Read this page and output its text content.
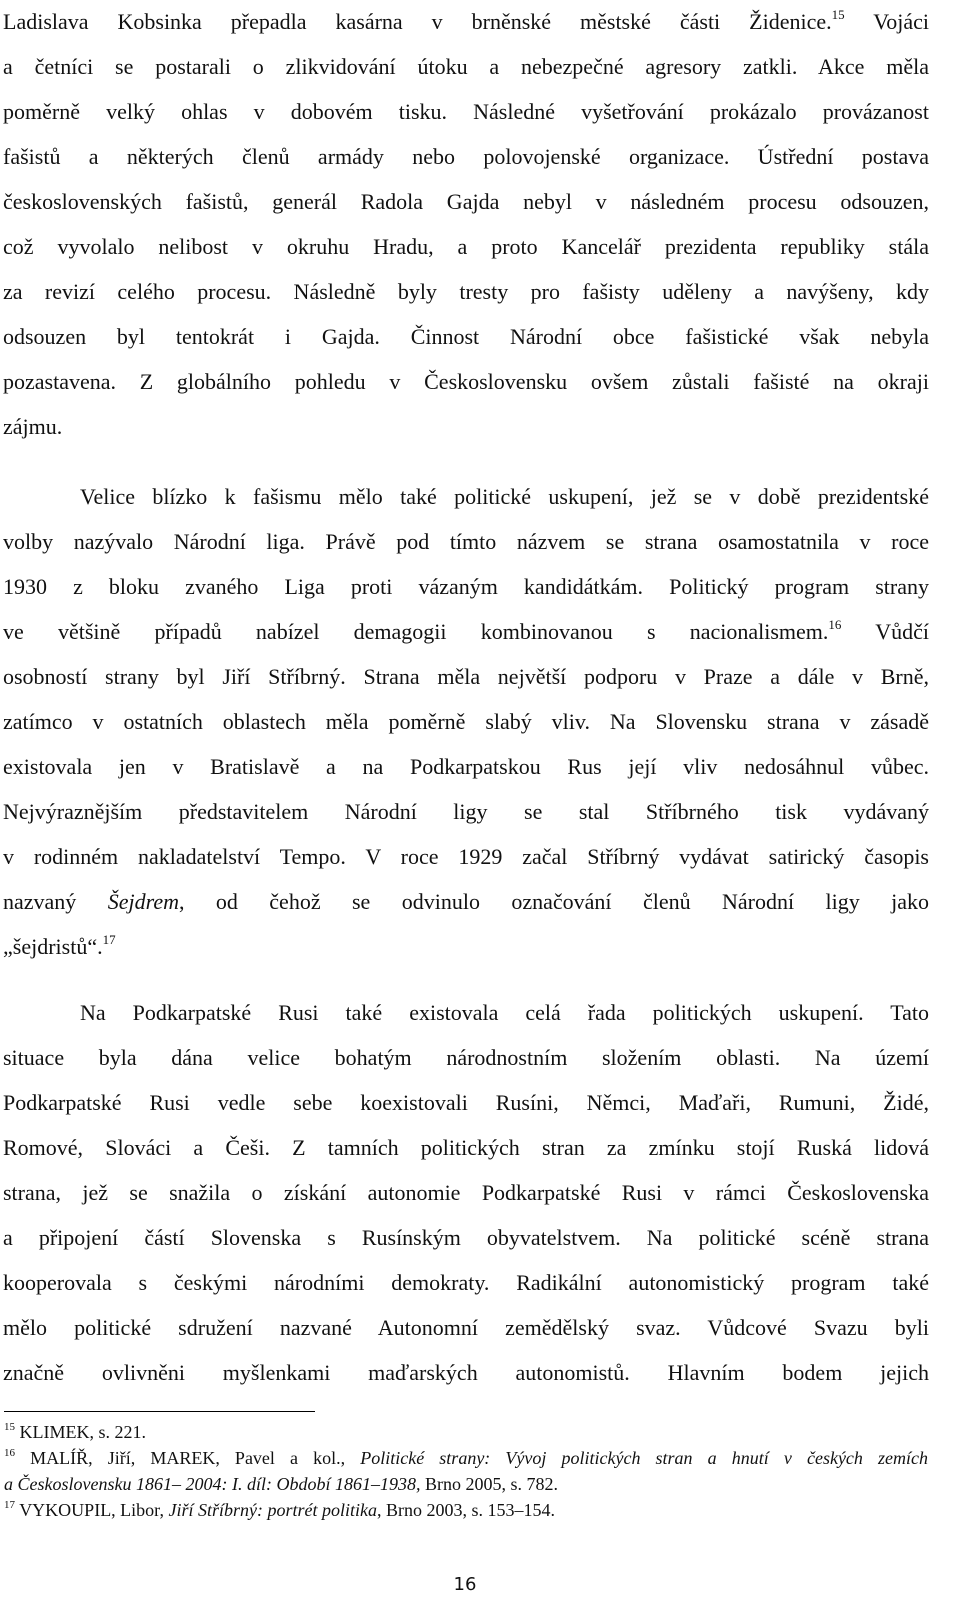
Ladislava Kobsinka přepadla kasárna v brněnské městské části Židenice.$^{15}$ Vojáci
a četníci se postarali o zlikvidování útoku a nebezpečné agresory zatkli. Akce měla
poměrně velký ohlas v dobovém tisku. Následné vyšetřování prokázalo provázanost
fašistů a některých členů armády nebo polovojenské organizace. Ústřední postava
československých fašistů, generál Radola Gajda nebyl v následném procesu odsouzen,
což vyvolalo nelibost v okruhu Hradu, a proto Kancelář prezidenta republiky stála
za revizí celého procesu. Následně byly tresty pro fašisty uděleny a navýšeny, kdy
odsouzen byl tentokrát i Gajda. Činnost Národní obce fašistické však nebyla
pozastavena. Z globálního pohledu v Československu ovšem zůstali fašisté na okraji
zájmu.
Velice blízko k fašismu mělo také politické uskupení, jež se v době prezidentské
volby nazývalo Národní liga. Právě pod tímto názvem se strana osamostatnila v roce
1930 z bloku zvaného Liga proti vázaným kandidátkám. Politický program strany
ve většině případů nabízel demagogii kombinovanou s nacionalismem.$^{16}$ Vůdčí
osobností strany byl Jiří Stříbrný. Strana měla největší podporu v Praze a dále v Brně,
zatímco v ostatních oblastech měla poměrně slabý vliv. Na Slovensku strana v zásadě
existovala jen v Bratislavě a na Podkarpatskou Rus její vliv nedosáhnul vůbec.
Nejvýraznějším představitelem Národní ligy se stal Stříbrného tisk vydávaný
v rodinném nakladatelství Tempo. V roce 1929 začal Stříbrný vydávat satirický časopis
nazvaný Šejdrem, od čehož se odvinulo označování členů Národní ligy jako
„šejdristů“.$^{17}$
Na Podkarpatské Rusi také existovala celá řada politických uskupení. Tato
situace byla dána velice bohatým národnostním složením oblasti. Na území
Podkarpatské Rusi vedle sebe koexistovali Rusíni, Němci, Maďaři, Rumuni, Židé,
Romové, Slováci a Češi. Z tamních politických stran za zmínku stojí Ruská lidová
strana, jež se snažila o získání autonomie Podkarpatské Rusi v rámci Československa
a připojení částí Slovenska s Rusínským obyvatelstvem. Na politické scéně strana
kooperovala s českými národními demokraty. Radikální autonomistický program také
mělo politické sdružení nazvané Autonomní zemědělský svaz. Vůdcové Svazu byli
značně ovlivněni myšlenkami maďarských autonomistů. Hlavním bodem jejich
$^{15}$ KLIMEK, s. 221.
$^{16}$ MALÍŘ, Jiří, MAREK, Pavel a kol., Politické strany: Vývoj politických stran a hnutí v českých zemích
a Československu 1861– 2004: I. díl: Období 1861–1938, Brno 2005, s. 782.
$^{17}$ VYKOUPIL, Libor, Jiří Stříbrný: portrét politika, Brno 2003, s. 153–154.
16
